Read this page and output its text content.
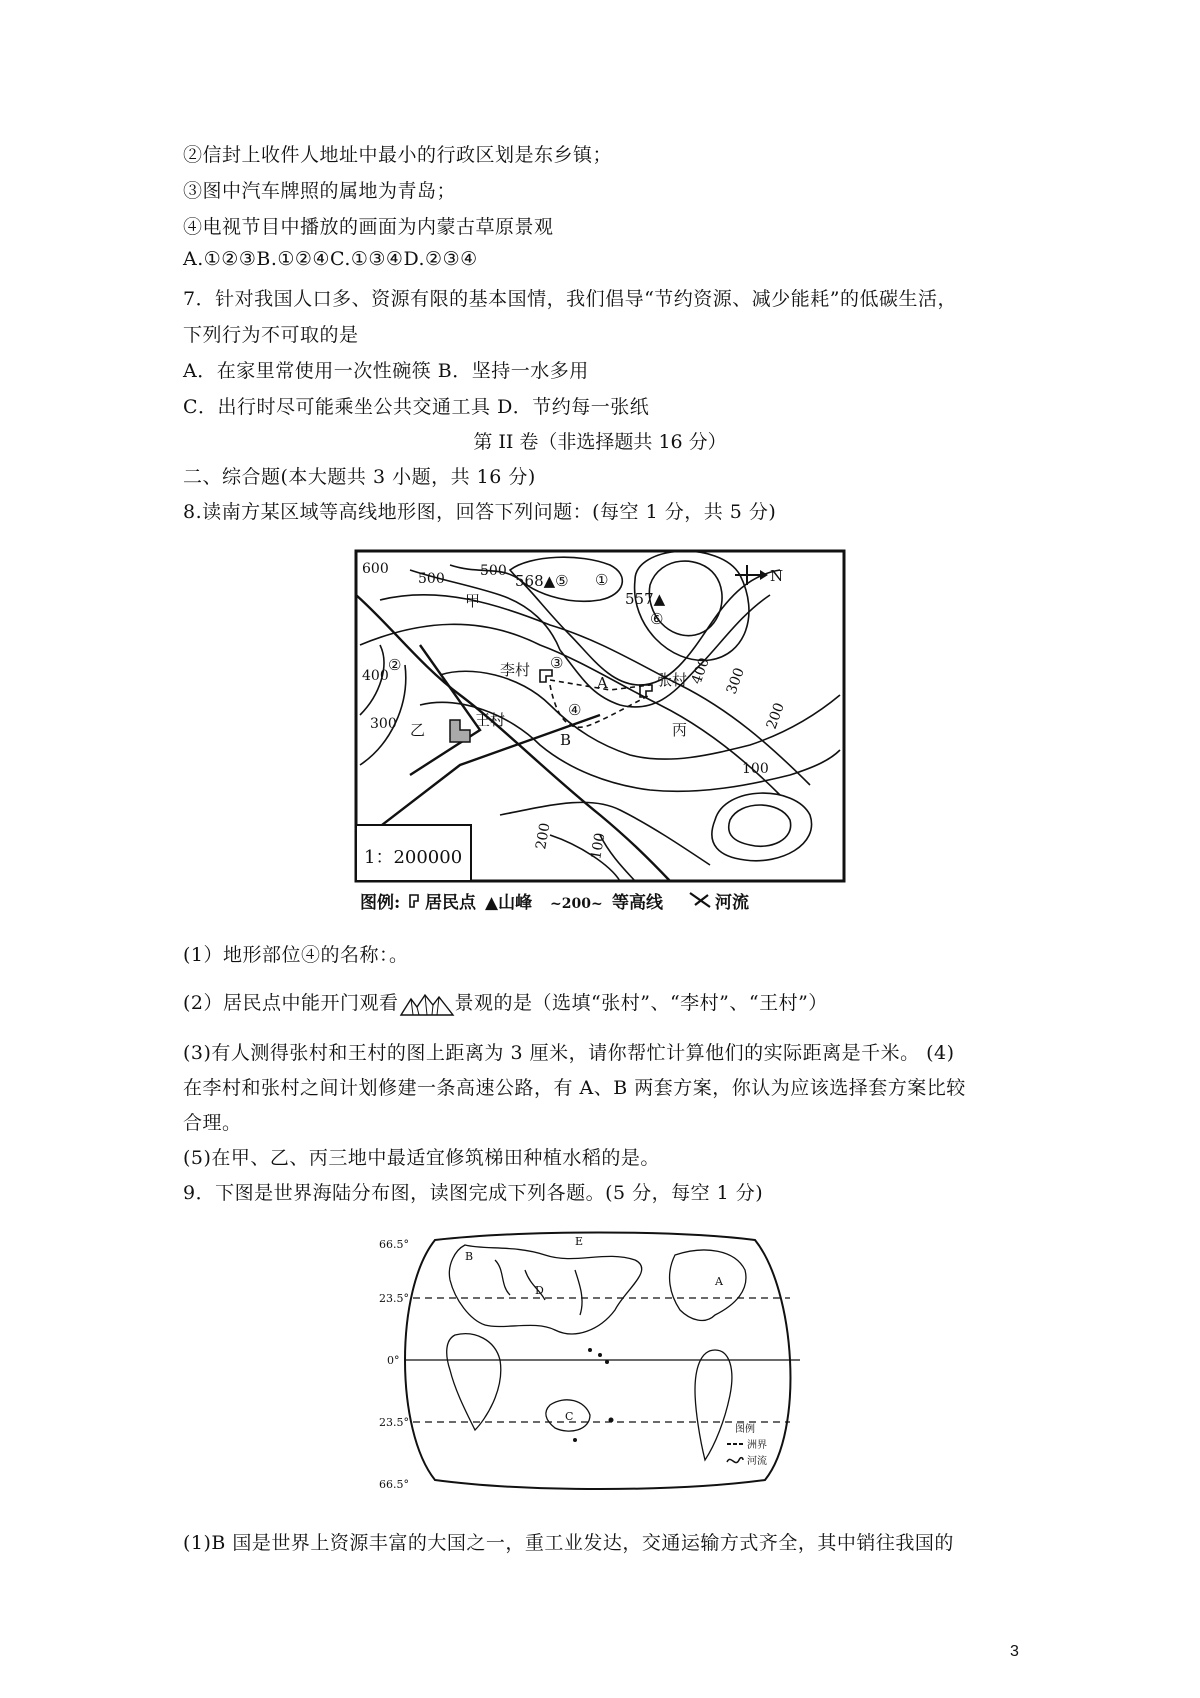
②信封上收件人地址中最小的行政区划是东乡镇；
③图中汽车牌照的属地为青岛；
④电视节目中播放的画面为内蒙古草原景观
A.①②③B.①②④C.①③④D.②③④
7．针对我国人口多、资源有限的基本国情，我们倡导“节约资源、减少能耗”的低碳生活，
下列行为不可取的是
A．在家里常使用一次性碗筷 B．坚持一水多用
C．出行时尽可能乘坐公共交通工具 D．节约每一张纸
第 II 卷（非选择题共 16 分）
二、综合题(本大题共 3 小题，共 16 分)
8.读南方某区域等高线地形图，回答下列问题：(每空 1 分，共 5 分)
600
500	500
400
300
400 300
200
100
200 100
568▲⑤
557▲
①
②	③
④
⑥
甲
乙	丙
李村
张村
王村
A
B
N
1：200000
图例: 居民点 ▲山峰 ~200~ 等高线	河流
(1）地形部位④的名称：。
(2）居民点中能开门观看	景观的是（选填“张村”、“李村”、“王村”）
(3)有人测得张村和王村的图上距离为 3 厘米，请你帮忙计算他们的实际距离是千米。 (4)
在李村和张村之间计划修建一条高速公路，有 A、B 两套方案，你认为应该选择套方案比较
合理。
(5)在甲、乙、丙三地中最适宜修筑梯田种植水稻的是。
9．下图是世界海陆分布图，读图完成下列各题。(5 分，每空 1 分)
66.5°
23.5°
0°
23.5°
66.5°
A
B
C
D
E
图例
洲界
河流
(1)B 国是世界上资源丰富的大国之一，重工业发达，交通运输方式齐全，其中销往我国的
3
